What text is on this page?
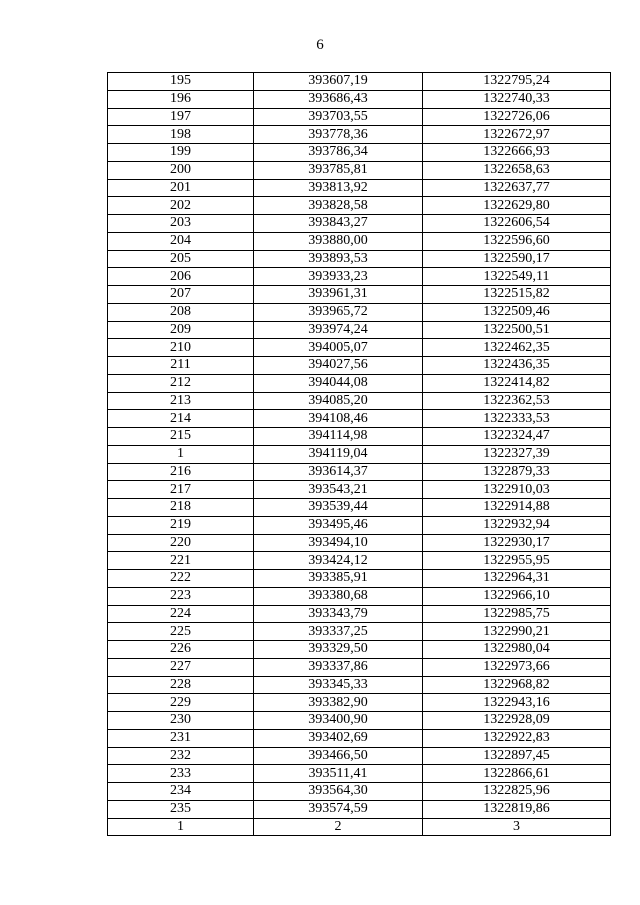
6
195	393607,19	1322795,24
196	393686,43	1322740,33
197	393703,55	1322726,06
198	393778,36	1322672,97
199	393786,34	1322666,93
200	393785,81	1322658,63
201	393813,92	1322637,77
202	393828,58	1322629,80
203	393843,27	1322606,54
204	393880,00	1322596,60
205	393893,53	1322590,17
206	393933,23	1322549,11
207	393961,31	1322515,82
208	393965,72	1322509,46
209	393974,24	1322500,51
210	394005,07	1322462,35
211	394027,56	1322436,35
212	394044,08	1322414,82
213	394085,20	1322362,53
214	394108,46	1322333,53
215	394114,98	1322324,47
1	394119,04	1322327,39
216	393614,37	1322879,33
217	393543,21	1322910,03
218	393539,44	1322914,88
219	393495,46	1322932,94
220	393494,10	1322930,17
221	393424,12	1322955,95
222	393385,91	1322964,31
223	393380,68	1322966,10
224	393343,79	1322985,75
225	393337,25	1322990,21
226	393329,50	1322980,04
227	393337,86	1322973,66
228	393345,33	1322968,82
229	393382,90	1322943,16
230	393400,90	1322928,09
231	393402,69	1322922,83
232	393466,50	1322897,45
233	393511,41	1322866,61
234	393564,30	1322825,96
235	393574,59	1322819,86
1	2	3
